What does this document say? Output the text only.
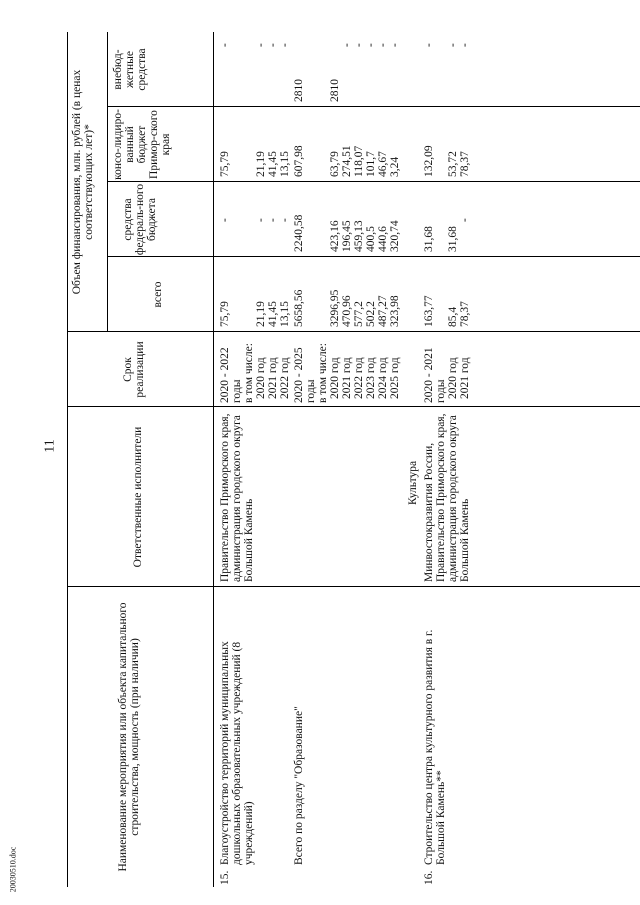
11
20030510.doc	Наименование мероприятия или объекта капитального строительства, мощность (при наличии)
Ответственные исполнители
Срок реализации
Объем финансирования, млн. рублей (в ценах соответствующих лет)*
всего
средства федераль-ного бюджета
консо-лидиро-ванный бюджет Примор-ского края
внебюд-жетные средства
15.
Благоустройство территорий муниципальных дошкольных образовательных учреждений (8 учреждений)
Правительство Приморского края, администрация городского округа Большой Камень
2020 - 2022 годы
75,79
-
75,79
-
в том числе: 2020 год
21,19
-
21,19
-
2021 год
41,45
-
41,45
-
2022 год
13,15
-
13,15
-
Всего по разделу "Образование"
2020 - 2025 годы
5658,56
2240,58
607,98
2810
в том числе: 2020 год
3296,95
423,16
63,79
2810
2021 год
470,96
196,45
274,51
-
2022 год
577,2
459,13
118,07
-
2023 год
502,2
400,5
101,7
-
2024 год
487,27
440,6
46,67
-
2025 год
323,98
320,74
3,24
-
Культура
16.
Строительство центра культурного развития в г. Большой Камень**
Минвостокразвития России, Правительство Приморского края, администрация городского округа Большой Камень
2020 - 2021 годы
163,77
31,68
132,09
-
2020 год
85,4
31,68
53,72
-
2021 год
78,37
-
78,37
-
